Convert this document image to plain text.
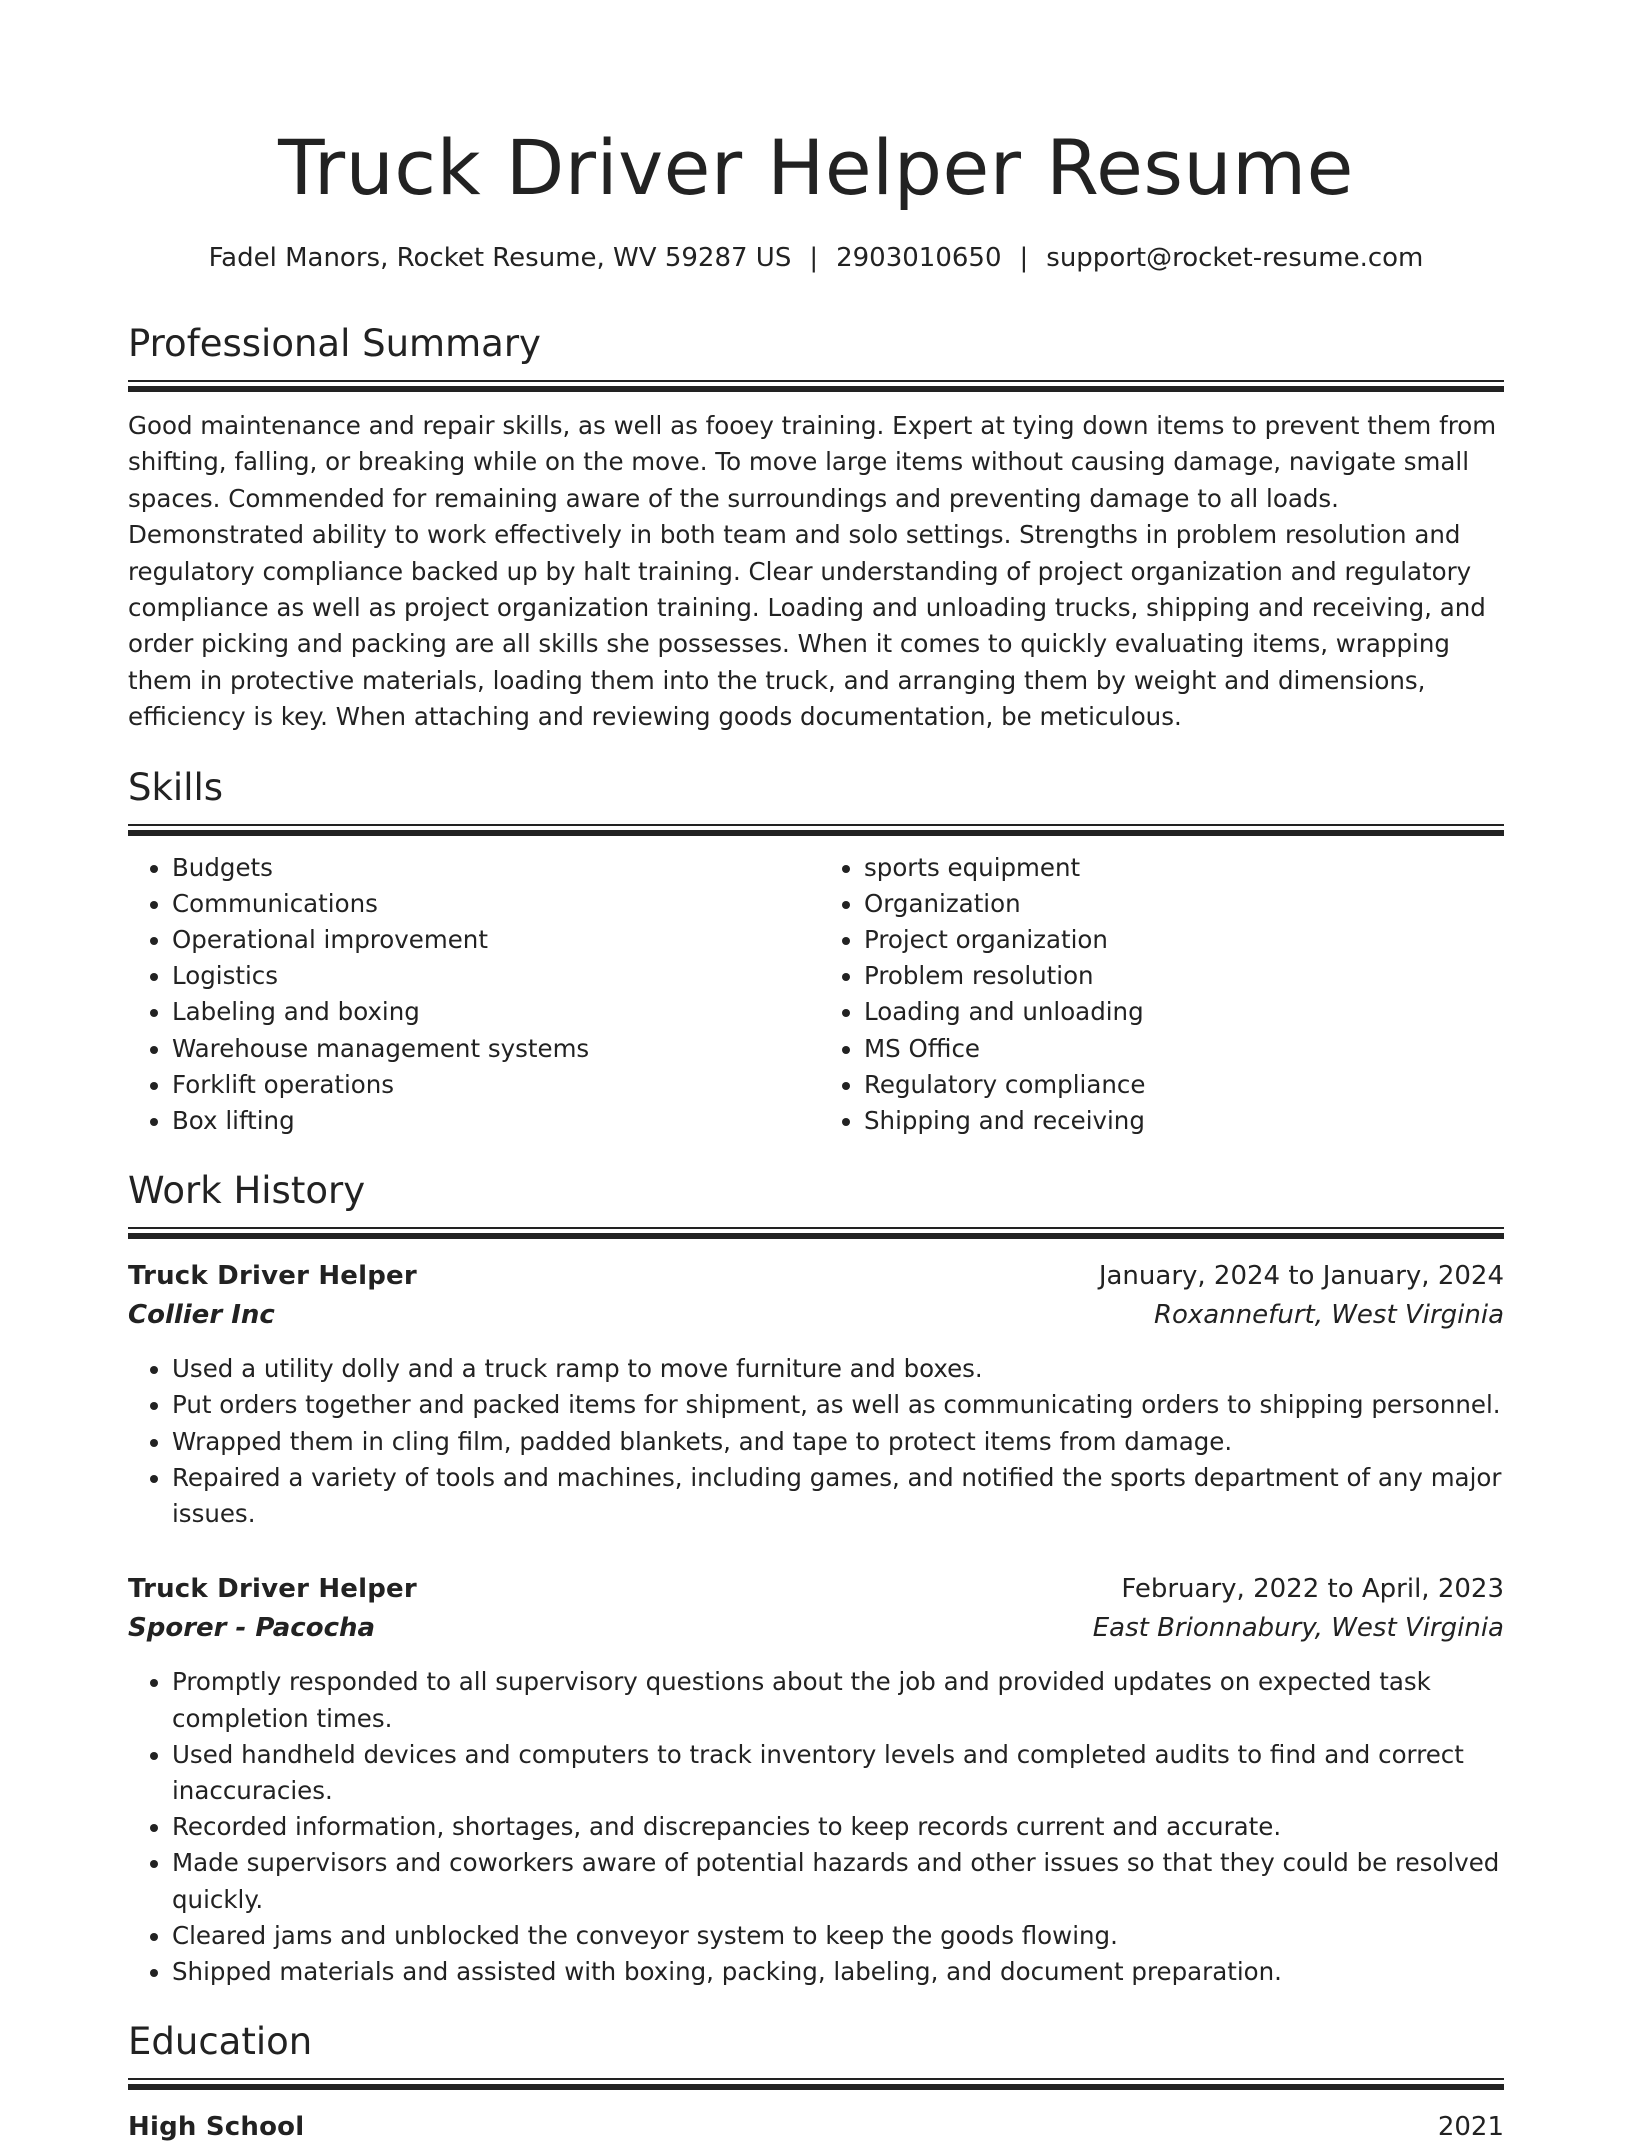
Truck Driver Helper Resume
Fadel Manors, Rocket Resume, WV 59287 US | 2903010650 | support@rocket-resume.com
Professional Summary

Good maintenance and repair skills, as well as fooey training. Expert at tying down items to prevent them from shifting, falling, or breaking while on the move. To move large items without causing damage, navigate small spaces. Commended for remaining aware of the surroundings and preventing damage to all loads. Demonstrated ability to work effectively in both team and solo settings. Strengths in problem resolution and regulatory compliance backed up by halt training. Clear understanding of project organization and regulatory compliance as well as project organization training. Loading and unloading trucks, shipping and receiving, and order picking and packing are all skills she possesses. When it comes to quickly evaluating items, wrapping them in protective materials, loading them into the truck, and arranging them by weight and dimensions, efficiency is key. When attaching and reviewing goods documentation, be meticulous.

Skills
• Budgets
• Communications
• Operational improvement
• Logistics
• Labeling and boxing
• Warehouse management systems
• Forklift operations
• Box lifting
• sports equipment
• Organization
• Project organization
• Problem resolution
• Loading and unloading
• MS Office
• Regulatory compliance
• Shipping and receiving
Work History
Truck Driver Helper	January, 2024 to January, 2024
Collier Inc	Roxannefurt, West Virginia
• Used a utility dolly and a truck ramp to move furniture and boxes.
• Put orders together and packed items for shipment, as well as communicating orders to shipping personnel.
• Wrapped them in cling film, padded blankets, and tape to protect items from damage.
• Repaired a variety of tools and machines, including games, and notified the sports department of any major issues.
Truck Driver Helper	February, 2022 to April, 2023
Sporer - Pacocha	East Brionnabury, West Virginia
• Promptly responded to all supervisory questions about the job and provided updates on expected task completion times.
• Used handheld devices and computers to track inventory levels and completed audits to find and correct inaccuracies.
• Recorded information, shortages, and discrepancies to keep records current and accurate.
• Made supervisors and coworkers aware of potential hazards and other issues so that they could be resolved quickly.
• Cleared jams and unblocked the conveyor system to keep the goods flowing.
• Shipped materials and assisted with boxing, packing, labeling, and document preparation.
Education
High School	2021
